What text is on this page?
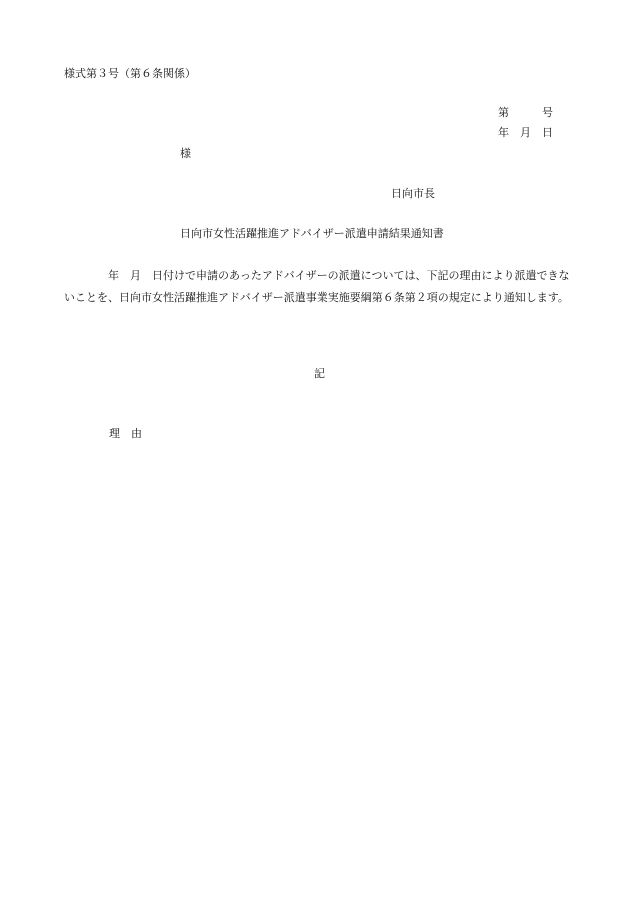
様式第３号（第６条関係）
第　　　号
年　月　日
様
日向市長
日向市女性活躍推進アドバイザー派遣申請結果通知書
　　　　年　月　日付けで申請のあったアドバイザーの派遣については、下記の理由により派遣できないことを、日向市女性活躍推進アドバイザー派遣事業実施要綱第６条第２項の規定により通知します。
記
理　由
